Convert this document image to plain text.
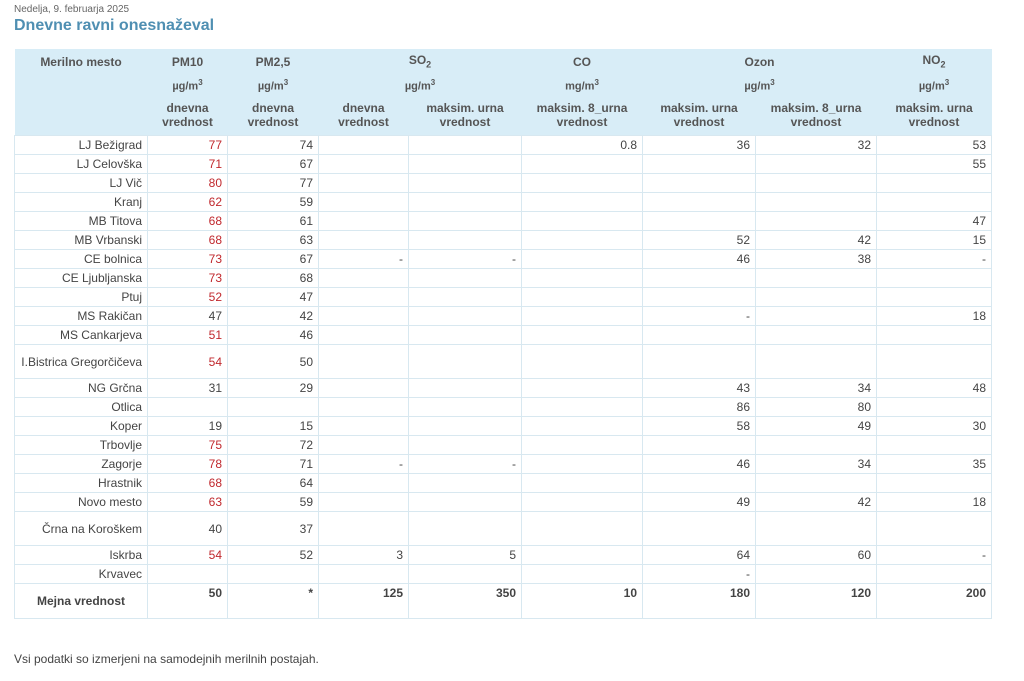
Nedelja, 9. februarja 2025
Dnevne ravni onesnaževal
Merilno mesto	PM10	PM2,5	$SO_2$		CO	Ozon		$NO_2$
	$\mu g/m^3$	$\mu g/m^3$	$\mu g/m^3$		$mg/m^3$	$\mu g/m^3$		$\mu g/m^3$
	dnevna vrednost	dnevna vrednost	dnevna vrednost	maksim. urna vrednost	maksim. 8_urna vrednost	maksim. urna vrednost	maksim. 8_urna vrednost	maksim. urna vrednost
LJ Bežigrad	77	74			0.8	36	32	53
LJ Celovška	71	67						55
LJ Vič	80	77						
Kranj	62	59						
MB Titova	68	61						47
MB Vrbanski	68	63				52	42	15
CE bolnica	73	67	-	-		46	38	-
CE Ljubljanska	73	68						
Ptuj	52	47						
MS Rakičan	47	42				-		18
MS Cankarjeva	51	46						
I.Bistrica Gregorčičeva	54	50						
NG Grčna	31	29				43	34	48
Otlica						86	80	
Koper	19	15				58	49	30
Trbovlje	75	72						
Zagorje	78	71	-	-		46	34	35
Hrastnik	68	64						
Novo mesto	63	59				49	42	18
Črna na Koroškem	40	37						
Iskrba	54	52	3	5		64	60	-
Krvavec						-		
Mejna vrednost	50	*	125	350	10	180	120	200
Vsi podatki so izmerjeni na samodejnih merilnih postajah.
